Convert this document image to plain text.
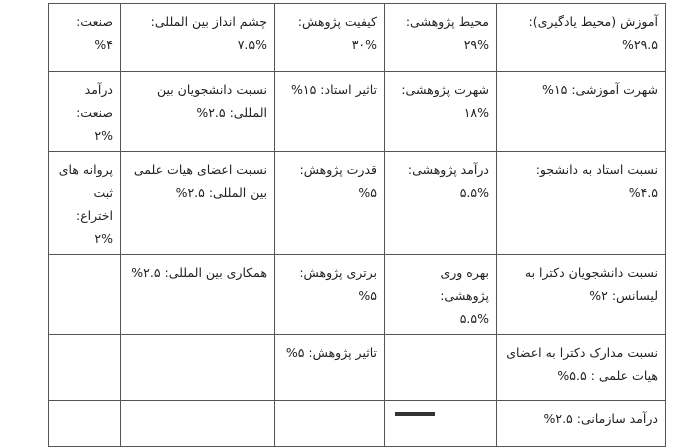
آموزش (محیط یادگیری): ۲۹.۵%	محیط پژوهشی:
۲۹%	کیفیت پژوهش:
۳۰%	چشم انداز بین المللی:
۷.۵%	صنعت: ۴%

شهرت آموزشی: ۱۵%	شهرت پژوهشی:
۱۸%	تاثیر استاد: ۱۵%	نسبت دانشجویان بین
المللی: ۲.۵%	درآمد صنعت:
۲%

نسبت استاد به دانشجو: ۴.۵%	درآمد پژوهشی:
۵.۵%	قدرت پژوهش: ۵%	نسبت اعضای هیات علمی
بین المللی: ۲.۵%	پروانه های
ثبت اختراع:
۲%

نسبت دانشجویان دکترا به
لیسانس: ۲%	بهره وری پژوهشی:
۵.۵%	برتری پژوهش: ۵%	همکاری بین المللی: ۲.۵%	

نسبت مدارک دکترا به اعضای
هیات علمی : ۵.۵%		تاثیر پژوهش: ۵%		

درآمد سازمانی: ۲.۵%				
